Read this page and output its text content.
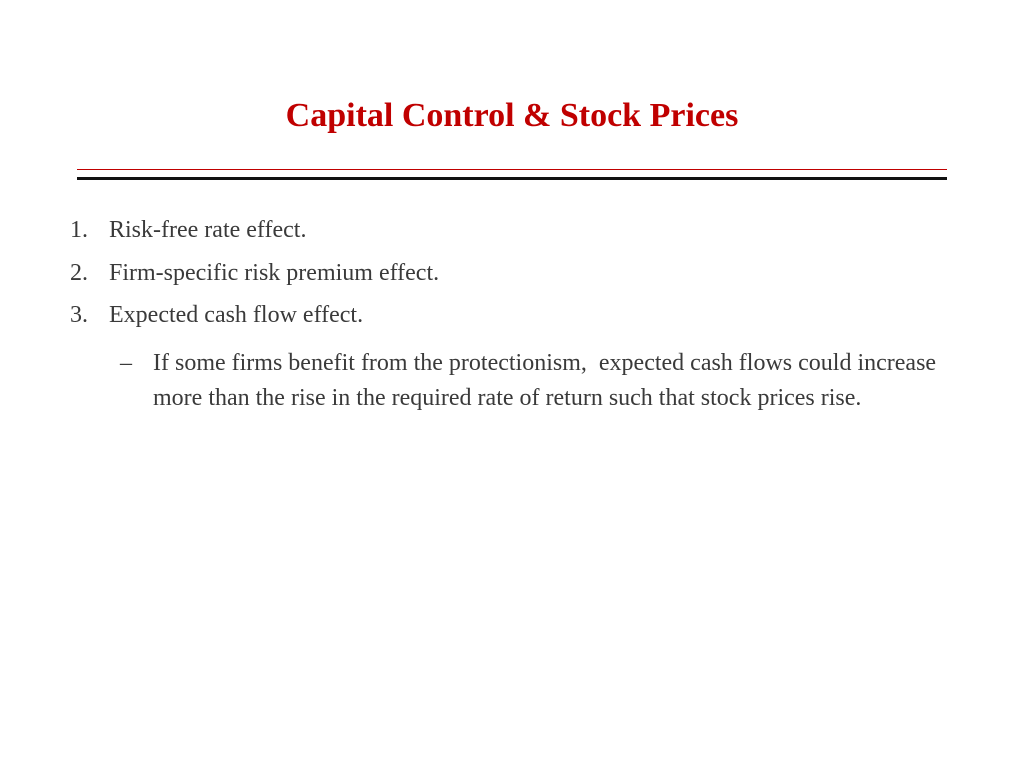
Capital Control & Stock Prices
1. Risk-free rate effect.
2. Firm-specific risk premium effect.
3. Expected cash flow effect.
– If some firms benefit from the protectionism,  expected cash flows could increase more than the rise in the required rate of return such that stock prices rise.
